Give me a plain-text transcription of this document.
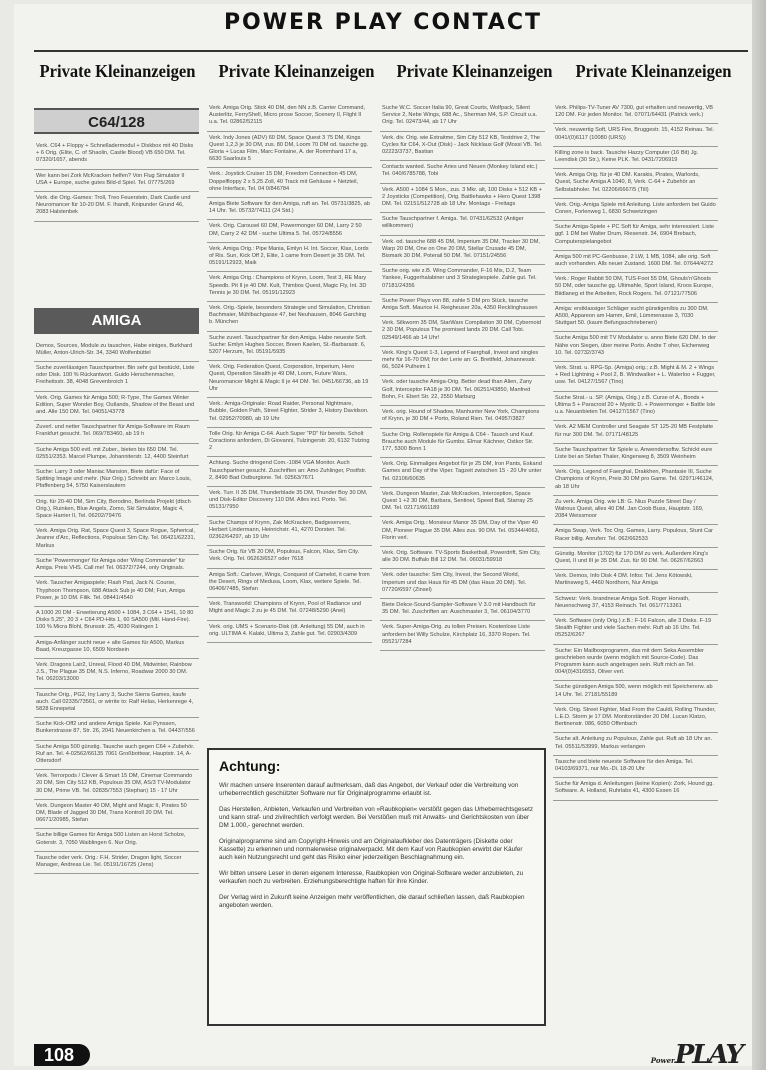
POWER PLAY CONTACT
Private Kleinanzeigen	Private Kleinanzeigen	Private Kleinanzeigen	Private Kleinanzeigen
C64/128
Verk. C64 + Floppy + Schnelladermodul + Diskbox mit 40 Disks + 6 Orig. (Elite, C. of Shaolin, Castle Blood) VB 650 DM. Tel. 07320/1657, abends
Wer kann bei Zork McKracken helfen? Von Flug Simulator II USA + Europe, suche gutes Bild-d Spiel. Tel. 07775/269
Verk. die Orig.-Games: Troll, Treo Feuerstein, Dark Castle und Neuromancer für 10-20 DM. F. Ihandt, Knipunder Grund 46, 2083 Halstenbek
AMIGA
Demos, Sources, Module zu tauschen, Habe einiges, Burkhard Müller, Anton-Ulrich-Str. 34, 3340 Wolfenbüttel
Suche zuverlässigen Tauschpartner. Bin sehr gut bestückt, Liste oder Disk. 100 % Rückantwort. Guido Herschenmacher, Freiheitsstr. 38, 4048 Grevenbroich 1
Verk. Orig. Games für Amiga 500; R-Type, The Games Winter Edition, Super Wonder Boy, Outlands, Shadow of the Beast und and. Alle 150 DM. Tel. 04051/43778
Zuverl. und netter Tauschpartner für Amiga-Software im Raum Frankfurt gesucht. Tel. 069/783460, ab 19 h
Suche Amiga 500 evtl. mit Zuber., bieten bis 650 DM. Tel. 02551/2353. Marcel Plumpe, Johanniterstr. 12, 4400 Steinfurt
Suche: Larry 3 oder Maniac Mansion, Biete dafür: Face of Spitting Image und mehr. (Nur Orig.) Schreibt an: Marco Louis, Pfaffenberg 54, 5750 Kaiserslautern
Orig. für 20-40 DM, Sim City, Borodino, Berlinda Projekt (dtsch Orig.), Ruinken, Blue Angels, Zomo, Ski Simulator, Magic 4, Space Harrier II, Tel. 06202/79476
Verk. Amiga Orig. Rat, Space Quest 3, Space Rogue, Spherical, Jeanne d'Arc, Reflections, Populous Sim City. Tel. 06421/62231, Markus
Suche 'Powermonger' für Amiga oder 'Wing Commander' für Amiga. Preis VHS. Call me! Tel. 06372/7244, only Originals.
Verk. Tauscher Amigaspiele; Flash Pad, Jack N. Course, Thyphoon Thompson, 688 Attack Sub je 40 DM; Fun, Amiga Power, je 10 DM. Filik. Tel. 08441/4540
A 1000 20 DM - Erweiterung A500 + 1084, 3 C64 + 1541, 10 80 Disks 5,25", 20 3 + C64 PD-Hits 1, 60 SA500 (Mtl. Hand-Fire). 100 % Micra Blohl, Brunsstr. 25, 4030 Ratingen 1
Amiga-Anfänger sucht neue + alte Games für A500, Markus Baad, Kreuzgasse 10, 6509 Nordsein
Verk. Dragons Lair2, Unreal, Flood 40 DM, Midwinter, Rainbow J.S., The Plague 35 DM, N.S. Inferno, Roadwar 2000 30 DM. Tel. 06203/13000
Tausche Orig., PG2, Iny Larry 3, Suche Sierra Games, kaufe auch. Call 02335/73561, or wirrite to: Ralf Helas, Herkenrege 4, 5828 Ennepetal
Suche Kick-Off2 und andere Amiga Spiele. Kai Pynssen, Bunkerstrasse 87, Str. 26, 2041 Neuenkirchen a. Tel. 04437/556
Suche Amiga 500 günstig. Tausche auch gegen C64 + Zubehör. Ruf an. Tel. 4-02562/66135 7061 Großbottwar, Hauptstr. 14, A-Ottersdorf
Verk. Terrorpods / Clever & Smart 15 DM, Cinemar Commando 20 DM, Sim City 512 KB, Populous 35 DM, AS/3 TV-Modulator 30 DM, Prime VB. Tel. 02835/7553 (Stephan) 15 - 17 Uhr
Verk. Dungeon Master 40 DM, Might and Magic II, Pirates 50 DM, Blade of Jagged 30 DM, Trans Kontroll 20 DM. Tel. 06671/20985, Stefan
Suche billige Games für Amiga 500 Listen an Horst Scholze, Goterstr. 3, 7050 Waiblingen 6. Nur Orig.
Tausche oder verk. Orig.: F.H. Strider, Dragon light, Soccer Manager, Andreas Lie. Tel. 05191/16725 (Jens)
Verk. Amiga Orig. Stick 40 DM, den NN z.B. Carrier Command, Austerlitz, FerryShell, Micro prose Soccer, Scenery II, Flight II u.a. Tel. 02862/52115
Verk. Indy Jones (ADV) 60 DM, Space Quest 3 75 DM, Kings Quest 1,2,3 je 30 DM, zus. 80 DM, Loom 70 DM od. tausche gg. Gloria + Lucas Film, Marc Fontaine, A. der Rommhard 17 a, 6630 Saarlouis 5
Verk.: Joystick Cruiser 15 DM, Freedom Connection 45 DM, Doppelfloppy 2 x 5,25 Zoll, 40 Track mit Gehäuse + Netzteil, ohne Interface, Tel. 04 0/846784
Amiga Biete Software für den Amiga, ruft an. Tel. 05731/3825, ab 14 Uhr. Tel. 05732/74111 (24 Std.)
Verk. Orig. Carousel 60 DM, Powermonger 60 DM, Larry 2 50 DM, Carry 2 42 DM - suche Ultima 5. Tel. 05724/8556
Verk. Amiga Orig.: Pipe Mania, Emlyn H. Int. Soccer, Klax, Lords of Ris. Sun, Kick Off 2, Elite, 1 came from Desert je 35 DM. Tel. 05191/12923, Maik
Verk. Amiga Orig.: Champions of Krynn, Loom, Test 3, RE Mary Speedb. Pit II je 40 DM. Kult, Thimbos Quest, Magic Fly, Int. 3D Tennis je 30 DM. Tel. 05191/12923
Verk. Orig.-Spiele, besonders Strategie und Simulation, Christian Bachmaier, Mühlbachgasse 47, bei Neuhausen, 8046 Garching b. München
Suche zuverl. Tauschpartner für den Amiga. Habe neueste Soft. Suche: Emlyn Hughes Soccer, Breen Kaelen, St.-Barbarastr. 6, 5207 Herzum, Tel. 05191/5935
Verk. Orig. Federation Quest, Corporation, Imperium, Hero Quest, Operation Stealth je 49 DM, Loom, Future Wars, Neuromancer Might & Magic II je 44 DM. Tel. 0451/66736, ab 19 Uhr
Verk.: Amiga-Originale: Road Raider, Personal Nightmare, Bubble, Golden Path, Street Fighter, Strider 3, History Davidson. Tel. 02952/70980, ab 19 Uhr
Tolle Orig. für Amiga C-64. Auch Super "PD" für bereits. Scholt Coractions anfordern, Di Giovanni, Tulzingerstr. 20, 6132 Tutzing 2
Achtung. Suche dringend Com.-1084 VGA Monitor. Auch Tauschpartner gesucht. Zuschriften an: Amo Zuhlinger, Postfstr. 2, 8490 Bad Ostburgione. Tel. 02563/7671
Verk. Turr. II 35 DM, Thunderblade 35 DM, Thunder Boy 30 DM, und Disk-Editor Discovery 110 DM. Alles incl. Porto. Tel. 05131/7950
Suche Champs of Krynn, Zak McKracken, Badgeservers, Herbert Lindermann, Heinrichstr. 41, 4270 Dorsten. Tel. 02362/64297, ab 19 Uhr
Suche Orig. für VB 20 DM, Populous, Falcon, Klax, Sim City. Verk. Orig. Tel. 06263/6527 oder 7618
Amiga Soft.: Carlsver, Wings, Conquest of Camelot, it came from the Desert, Rings of Medusa, Loom, Klax, weitere Spiele. Tel. 06406/7485, Stefan
Verk. Transworld: Champions of Krynn, Pool of Radiance und Might and Magic 2 zu je 45 DM. Tel. 07248/5290 (Anel)
Verk. orig. UMS + Scenario-Disk (dt. Anleitung) 55 DM, auch in orig. ULTIMA 4. Kalaki, Ultima 3, Zahle gut. Tel. 02903/4309
Suche W.C. Soccer Italia 90, Great Courts, Wolfpack, Silent Service 2, Nebe Wings, 688 Ac., Sherman M4, S.P. Circuit u.a. Orig. Tel. 02473/44, ab 17 Uhr
Verk. div. Orig. wie Extraitme, Sim City 512 KB, Testdrive 2, The Cycles für C64, X-Out (Disk) - Jack Nicklaus Golf (Mossi VB. Tel. 02223/3737, Bastian
Contacts wanted. Suche Aries und Neuen (Monkey Island etc.) Tel. 040/6785788, Tobi
Verk. A500 + 1084 S Mon., zus. 3 Mkr. alt, 100 Disks + 512 KB + 2 Joysticks (Competition), Orig. Battlehawks + Hero Quest 1398 DM. Tel. 02151/512728 ab 18 Uhr. Montags - Freitags
Suche Tauschpartner f. Amiga. Tel. 07431/62532 (Antiger willkommen)
Verk. od. tausche 688 45 DM, Imperium 35 DM, Tracker 30 DM, Warp 20 DM, One on One 20 DM, Stellar Crusade 45 DM, Bismark 30 DM, Poterail 50 DM. Tel. 07151/24556
Suche orig. wie z.B. Wing Commander, F-16 Mis, D.2, Team Yankee, Fuggerhalabiner und 3 Strategiespiele. Zahle gut. Tel. 07181/24356
Suche Power Plays von 88, zahle 5 DM pro Stück, tausche Amiga Soft. Maurice H. Reigheuser 20a, 4350 Recklinghausen
Verk. Silkworm 35 DM, StarWars Compilation 30 DM, Cybernoid 2 30 DM, Populous The promised lands 20 DM. Call Tobi. 02549/1466 ab 14 Uhr!
Verk. King's Quest 1-3, Legend of Faerghail, Invest and singles mehr für 16-70 DM; for der Lerie an: G. Brettfeld, Johannesstr. 66, 5024 Pulheim 1
Verk. oder tausche Amiga-Orig. Better dead than Alien, Zany Golf, Interceptor FA18 je 30 DM. Tel. 06251/43850, Manfred Bohn, Fr. Ebert Str. 22, 2550 Marburg
Verk. orig. Hound of Shadow, Manhunter New York, Champions of Krynn, je 30 DM + Porto, Roland Rien. Tel. 04957/3827
Suche Orig. Rollenspiele für Amiga & C64 - Tausch und Kauf. Brauche auch Module für Gumbs. Elmar Kächner, Ostkor Str. 177, 5300 Bonn 1
Verk. Orig. Einmaliges Angebot für je 25 DM, Iron Pants, Eskand Games and Day of the Viper. Tagzeit zwischen 15 - 20 Uhr unter Tel. 02106/60635
Verk. Dungeon Master, Zak McKracken, Interception, Space Quest 1 +2 30 DM, Barbara, Sentinel, Speed Ball, Starray 25 DM. Tel. 02171/661189
Verk. Amiga Orig.: Monsieur Manor 35 DM, Day of the Viper 40 DM, Pioneer Plague 35 DM. Alles zus. 90 DM. Tel. 05344/4063, Florin verl.
Verk. Orig. Software. TV-Sports Basketball, Powerdrift, Sim City, alle 30 DM. Buffalo Bill 12 DM. Tel. 06031/59918
Verk. oder tausche: Sim City, Invest, the Second World, Imperium und das Haus für 45 DM (das Haus 20 DM). Tel. 07720/6597 (Zinsel)
Biete Dekce-Sound-Sampler-Software V 3.0 mit Handbuch für 35 DM. Tel. Zuschriften an: Auschmaster 3, Tel. 06104/3770
Verk. Super-Amiga-Orig. zu tollen Preisen. Kostenlose Liste anfordern bei Willy Schulze, Kirchplatz 16, 3370 Ropen. Tel. 05521/7284
Verk. Philips-TV-Tuner AV 7300, gut erhalten und neuwertig, VB 120 DM. Für jeden Monitor. Tel. 07071/64431 (Patrick verk.)
Verk. neuwertig Soft, URS Fire, Bruggestr. 15, 4152 Reinau. Tel. 0041/(0)6117 (10080 (URS))
Killing zone is back. Tausche Hazzy Computer (16 Bit) Jg. Leendisk (30 Str.), Keine PLK. Tel. 0431/7206919
Verk. Amiga Orig. für je 40 DM. Karakis, Pirates, Warlords, Quest, Suche Amiga A 1040, 8, Verk. C-64 + Zubehör an Selbstabholer. Tel. 02206/6667/5 (Till)
Verk. Orig.-Amiga Spiele mit Anleitung. Liste anfordern bei Guido Conen, Forlenweg 1, 6830 Schwetzingen
Suche Amiga-Spiele + PC Soft für Amiga, sehr interessiert. Liste ggf. 1 DM bei Walter Drum, Riesenstr. 34, 6904 Brebach, Computerspielangebot
Amiga 500 mit PC-Genbusse, 2 LW, 1 MB, 1084, alle orig. Soft auch vorhanden. Alls neuer Zustand. 1600 DM. Tel. 07644/4272
Verk.: Roger Rabbit 50 DM, TUS-Foot 55 DM, Ghouls'n'Ghosts 50 DM, oder tausche gg. Ultimahle, Sport Island, Kroos Europe, Biidlaneg et the Arbeiten, Rock Rogers. Tel. 07121/77506
Amiga: erstklassiger Schläger sucht günstigen/bis zu 300 DM. A500, Appareon am Hamm, Emil, Lümmenasse 3, 7030 Stuttgart 50. (kaum Befungsschriebenen)
Suche Amiga 500 mit TV Modulator u. anno Biete 620 DM. In der Nähe von Siegen, über meine Porto. Andre T oher, Eichenweg 10. Tel. 02732/3743
Verk. Strat. u. RPG-Sp. (Amiga) orig.; z.B. Might & M. 2 + Wings + Red Lightning + Pool 2, B. Windwalker + L. Waterloo + Fugger, usw. Tel. 04127/1567 (Tino)
Suche Strat.- u. SP. (Amiga, Orig.) z.B. Curse of A., Bonds + Ultima 5 + Paracroid 20 + Mystic D. + Powermonger + Battle Isle u.a. Neuanbieten Tel. 04127/1567 (Tino)
Verk. A2 MEM Controller und Seagate ST 125-20 MB Festplatte für nur 300 DM. Tel. 07171/48125
Suche Tauschpartner für Spiele u. Anwendersoftw. Schickt eure Liste bei an Stefan Thaler, Kingenweg 8, 3509 Weinheim
Verk. Orig. Legend of Faerghal, Drakkhen, Phantasie III, Suche Champions of Krynn, Preis 30 DM pro Game. Tel. 02971/46124, ab 18 Uhr
Zu verk. Amiga Orig. wie LB: G. Nius Puzzle Street Day / Walrous Quest, alles 40 DM. Jan Coob Buss, Hauptstr. 169, 2084 Weissmoor
Amiga Swap, Verk. Toc Org. Games, Larry. Populous, Stunt Car Racer billig. Anrufen: Tel. 062/662533
Günstig. Monitor (1702) für 170 DM zu verk. Außerdem King's Quest, II und III je 35 DM. Zus. für 90 DM. Tel. 06267/62663
Verk. Demos, Info Disk 4 DM. Infos: Tel. Jens Kötowski, Martinsweg 5, 4460 Nordhorn, Nur Amiga
Schweiz: Verk. brandneue Amiga Soft. Roger Horvath, Neuenschweg 37, 4153 Reinach. Tel. 061/7713361
Verk. Software (only Orig.) z.B.: F-16 Falcon, alle 3 Disks. F-19 Stealth Fighter und viele Sachen mehr. Ruft ab 16 Uhr. Tel. 05252/6267
Suche: Ein Mailboxprogramm, das mit dem Seka Assembler geschrieben wurde (wenn möglich mit Source-Code). Das Programm kann auch angetragen sein. Ruft mich an Tel. 004/(0)4316553, Oliver verl.
Suche günstigen Amiga 500, wenn möglich mit Speichererw. ab 14 Uhr. Tel. 27181/55189
Verk. Orig. Street Fighter, Mad From the Cauldi, Rolling Thunder, L.E.D. Storm je 17 DM. Monitorständer 20 DM. Lucan Klatzo, Bertinenstr. 086, 6050 Offenbach
Suche alt. Anleitung zu Populous, Zahle gut. Ruft ab 18 Uhr an. Tel. 05511/53999, Markus verlangen
Tausche und biete neueste Software für den Amiga. Tel. 04103/69371, nur Mo.-Di. 18-20 Uhr
Suche für Amiga d. Anleitungen (keine Kopien): Zork, Hound gg. Software. A. Holland, Ruhrlabs 41, 4300 Essen 16
Achtung:

Wir machen unsere Inserenten darauf aufmerksam, daß das Angebot, der Verkauf oder die Verbreitung von urheberrechtlich geschützter Software nur für Originalprogramme erlaubt ist.

Das Herstellen, Anbieten, Verkaufen und Verbreiten von »Raubkopien« verstößt gegen das Urheberrechtsgesetz und kann straf- und zivilrechtlich verfolgt werden. Bei Verstößen muß mit Anwalts- und Gerichtskosten von über DM 1.000,- gerechnet werden.

Originalprogramme sind am Copyright-Hinweis und am Originalaufkleber des Datenträgers (Diskette oder Kassette) zu erkennen und normalerweise originalverpackt. Mit dem Kauf von Raubkopien erwirbt der Käufer auch kein Nutzungsrecht und geht das Risiko einer jederzeitigen Beschlagnahmung ein.

Wir bitten unsere Leser in deren eigenem Interesse, Raubkopien von Original-Software weder anzubieten, zu verkaufen noch zu verbreiten. Erziehungsberechtigte haften für ihre Kinder.

Der Verlag wird in Zukunft keine Anzeigen mehr veröffentlichen, die darauf schließen lassen, daß Raubkopien angeboten werden.

108	PowerPLAY
